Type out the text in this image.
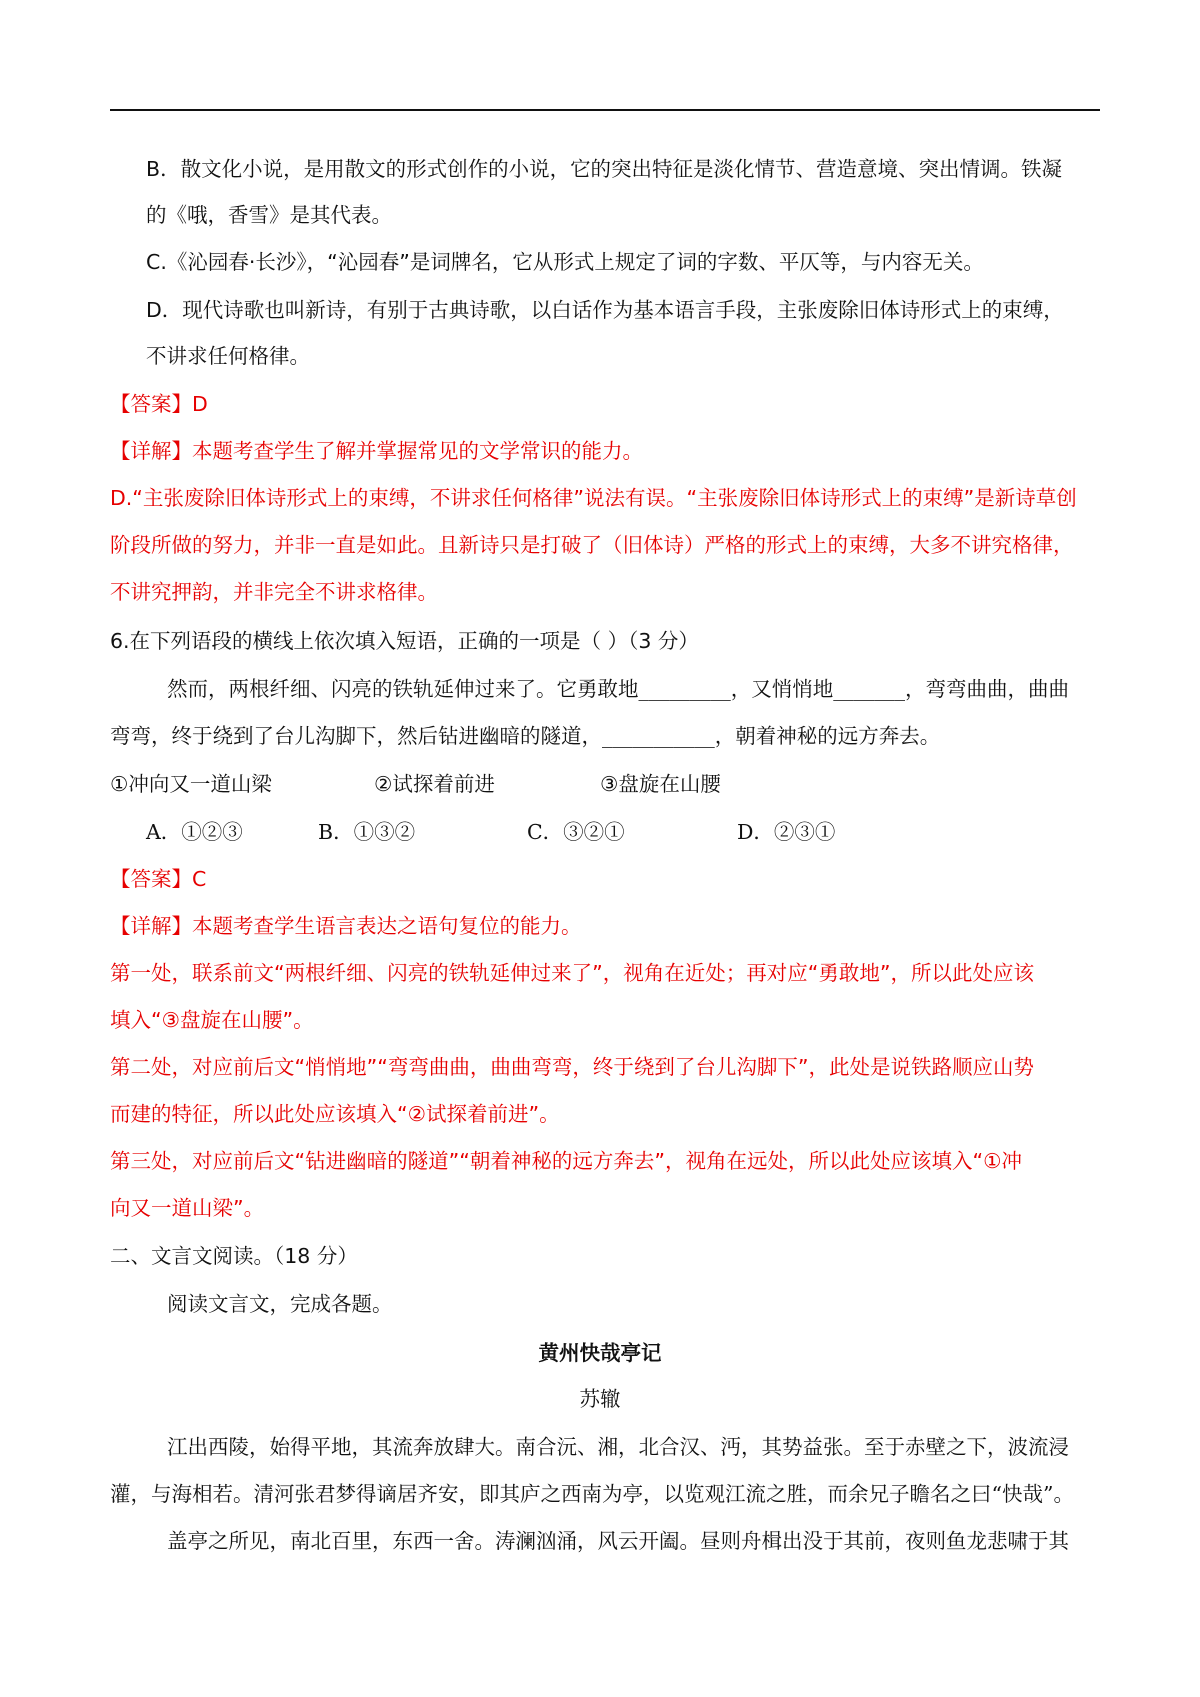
B．散文化小说，是用散文的形式创作的小说，它的突出特征是淡化情节、营造意境、突出情调。铁凝

的《哦，香雪》是其代表。

C.《沁园春·长沙》，“沁园春”是词牌名，它从形式上规定了词的字数、平仄等，与内容无关。

D．现代诗歌也叫新诗，有别于古典诗歌，以白话作为基本语言手段，主张废除旧体诗形式上的束缚，

不讲求任何格律。

【答案】D

【详解】本题考查学生了解并掌握常见的文学常识的能力。

D.“主张废除旧体诗形式上的束缚，不讲求任何格律”说法有误。“主张废除旧体诗形式上的束缚”是新诗草创

阶段所做的努力，并非一直是如此。且新诗只是打破了（旧体诗）严格的形式上的束缚，大多不讲究格律，

不讲究押韵，并非完全不讲求格律。

6.在下列语段的横线上依次填入短语，正确的一项是（ ）（3 分）

然而，两根纤细、闪亮的铁轨延伸过来了。它勇敢地_________，又悄悄地_______，弯弯曲曲，曲曲

弯弯，终于绕到了台儿沟脚下，然后钻进幽暗的隧道，___________，朝着神秘的远方奔去。

①冲向又一道山梁	②试探着前进	③盘旋在山腰

A．①②③	B．①③②	C．③②①	D．②③①

【答案】C

【详解】本题考查学生语言表达之语句复位的能力。

第一处，联系前文“两根纤细、闪亮的铁轨延伸过来了”，视角在近处；再对应“勇敢地”，所以此处应该

填入“③盘旋在山腰”。

第二处，对应前后文“悄悄地”“弯弯曲曲，曲曲弯弯，终于绕到了台儿沟脚下”，此处是说铁路顺应山势

而建的特征，所以此处应该填入“②试探着前进”。

第三处，对应前后文“钻进幽暗的隧道”“朝着神秘的远方奔去”，视角在远处，所以此处应该填入“①冲

向又一道山梁”。

二、文言文阅读。（18 分）

阅读文言文，完成各题。

黄州快哉亭记

苏辙

江出西陵，始得平地，其流奔放肆大。南合沅、湘，北合汉、沔，其势益张。至于赤壁之下，波流浸

灌，与海相若。清河张君梦得谪居齐安，即其庐之西南为亭，以览观江流之胜，而余兄子瞻名之曰“快哉”。

盖亭之所见，南北百里，东西一舍。涛澜汹涌，风云开阖。昼则舟楫出没于其前，夜则鱼龙悲啸于其
